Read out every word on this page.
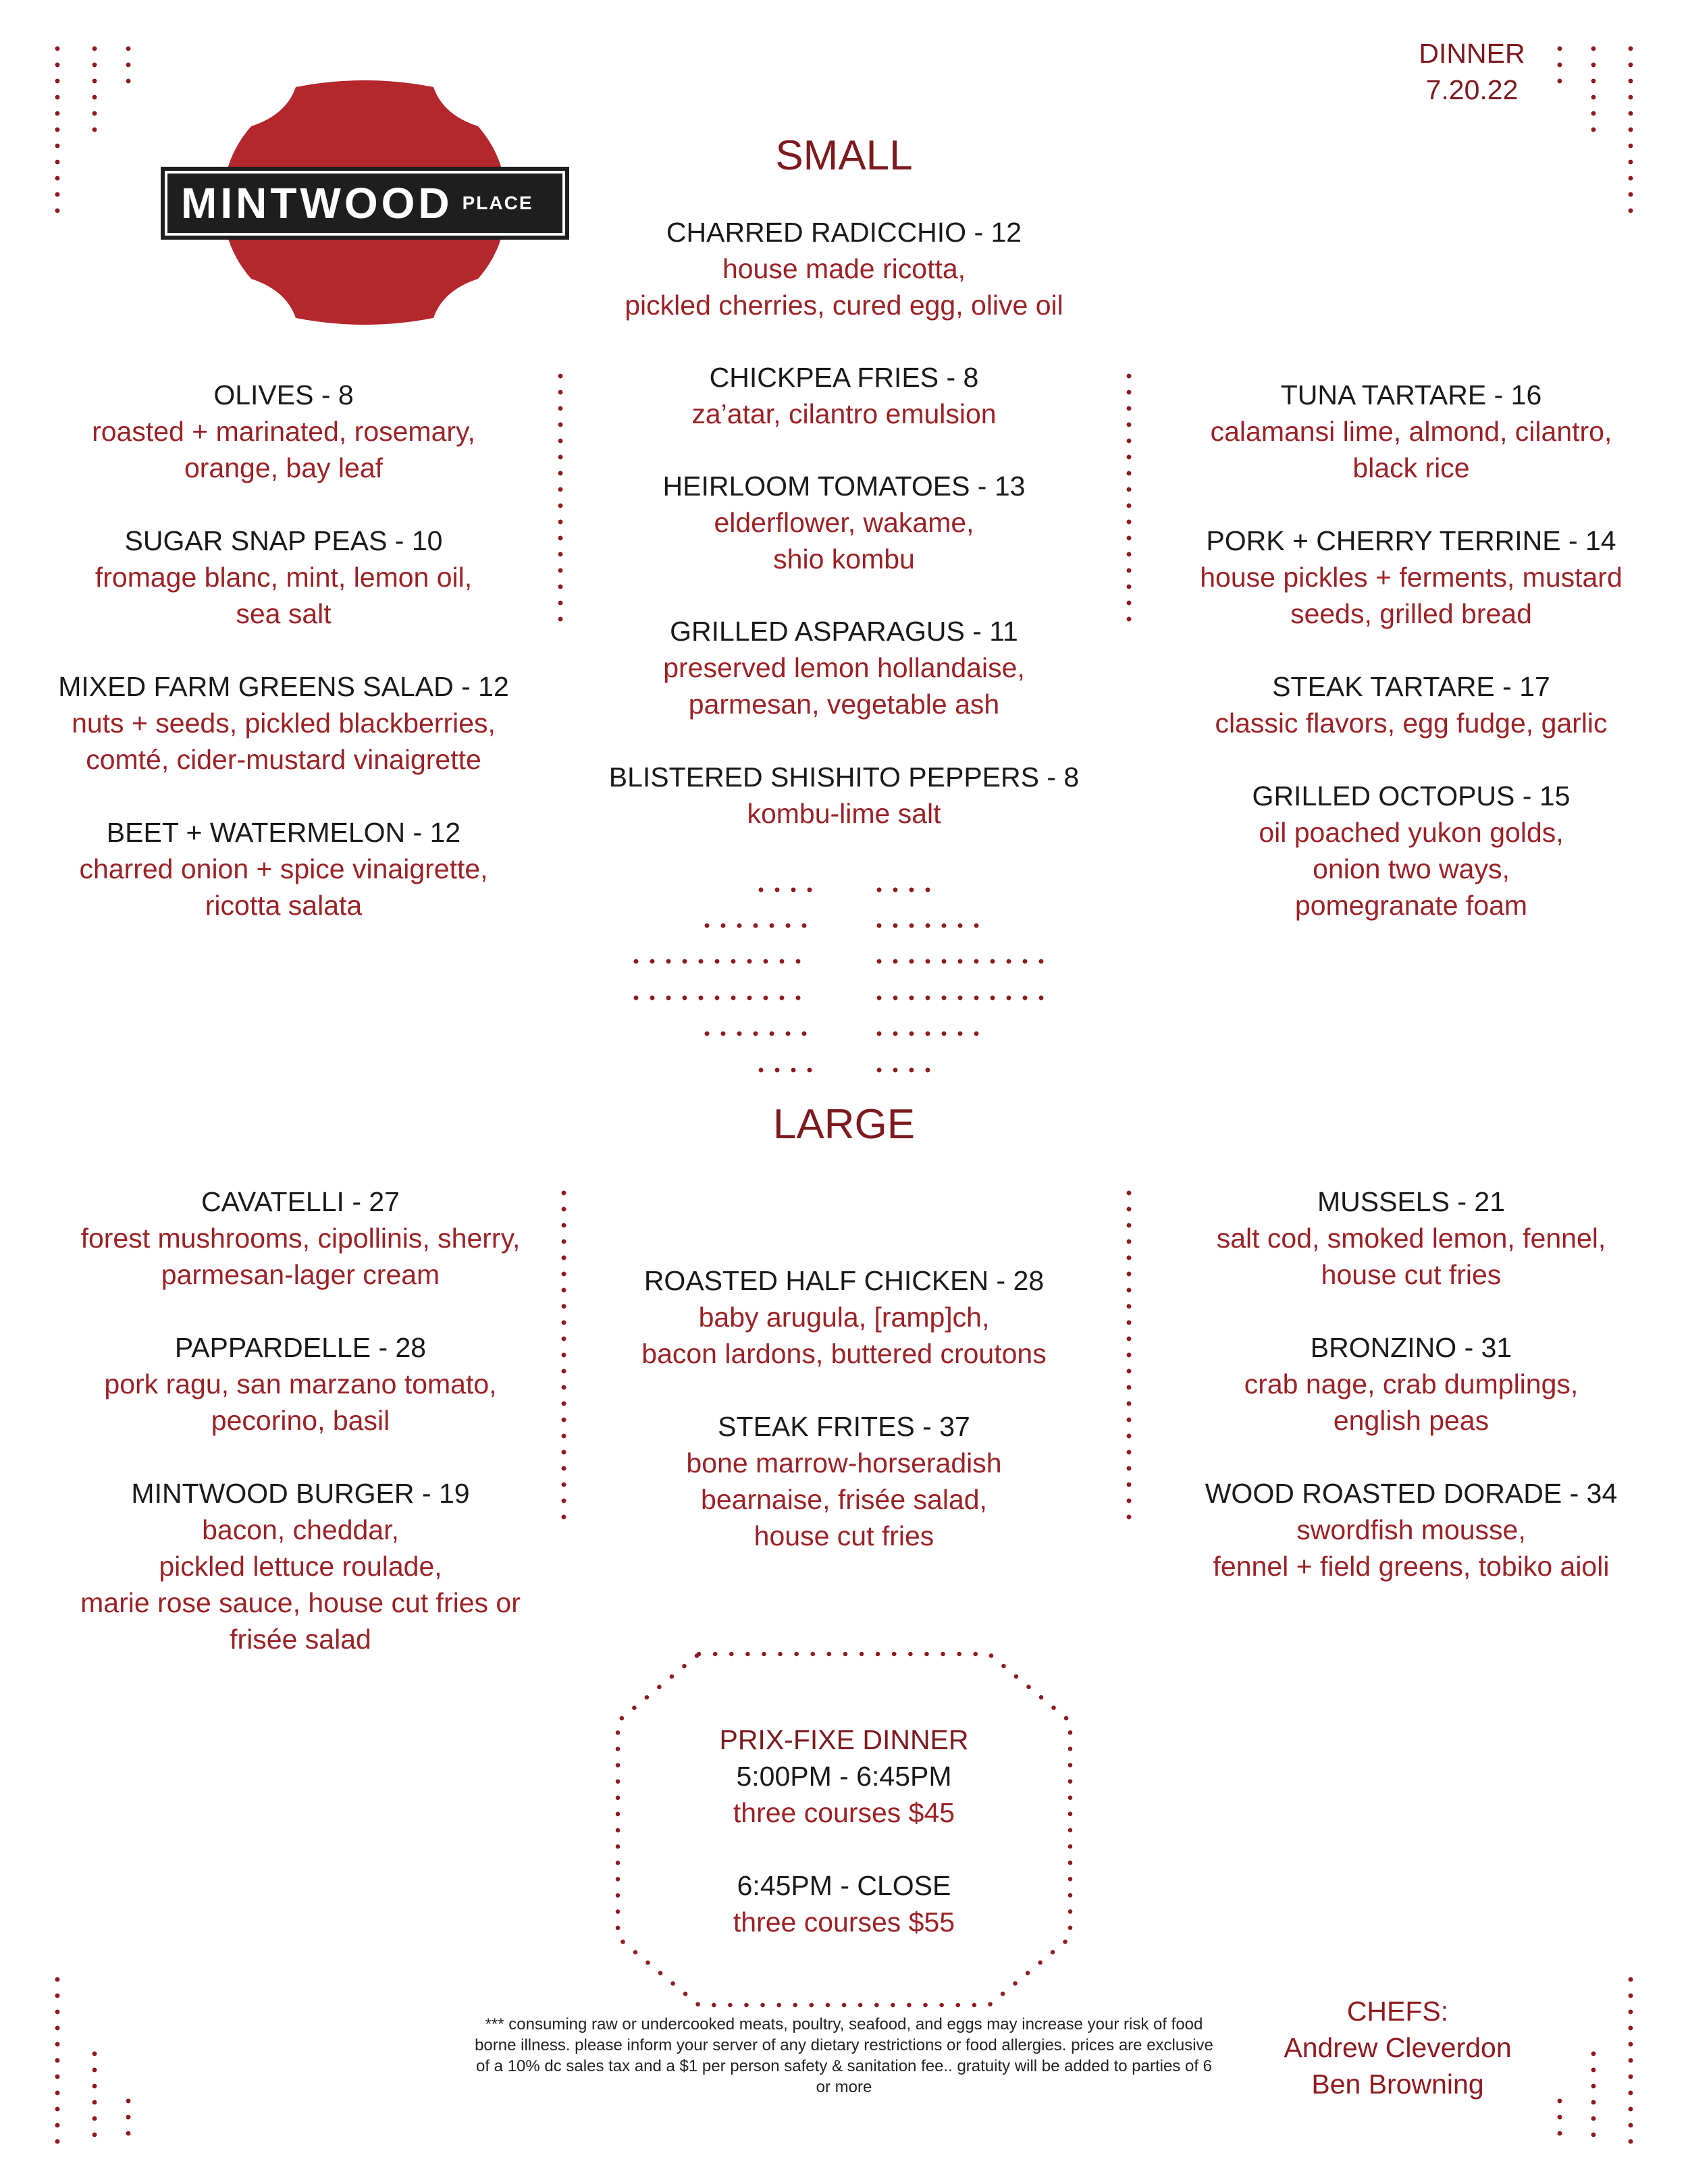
MINTWOOD PLACE
DINNER
7.20.22
SMALL
CHARRED RADICCHIO - 12
house made ricotta,
pickled cherries, cured egg, olive oil
CHICKPEA FRIES - 8
za’atar, cilantro emulsion
HEIRLOOM TOMATOES - 13
elderflower, wakame,
shio kombu
GRILLED ASPARAGUS - 11
preserved lemon hollandaise,
parmesan, vegetable ash
BLISTERED SHISHITO PEPPERS - 8
kombu-lime salt
OLIVES - 8
roasted + marinated, rosemary,
orange, bay leaf
SUGAR SNAP PEAS - 10
fromage blanc, mint, lemon oil,
sea salt
MIXED FARM GREENS SALAD - 12
nuts + seeds, pickled blackberries,
comté, cider-mustard vinaigrette
BEET + WATERMELON - 12
charred onion + spice vinaigrette,
ricotta salata
TUNA TARTARE - 16
calamansi lime, almond, cilantro,
black rice
PORK + CHERRY TERRINE - 14
house pickles + ferments, mustard
seeds, grilled bread
STEAK TARTARE - 17
classic flavors, egg fudge, garlic
GRILLED OCTOPUS - 15
oil poached yukon golds,
onion two ways,
pomegranate foam
LARGE
CAVATELLI - 27
forest mushrooms, cipollinis, sherry,
parmesan-lager cream
PAPPARDELLE - 28
pork ragu, san marzano tomato,
pecorino, basil
MINTWOOD BURGER - 19
bacon, cheddar,
pickled lettuce roulade,
marie rose sauce, house cut fries or
frisée salad
ROASTED HALF CHICKEN - 28
baby arugula, [ramp]ch,
bacon lardons, buttered croutons
STEAK FRITES - 37
bone marrow-horseradish
bearnaise, frisée salad,
house cut fries
MUSSELS - 21
salt cod, smoked lemon, fennel,
house cut fries
BRONZINO - 31
crab nage, crab dumplings,
english peas
WOOD ROASTED DORADE - 34
swordfish mousse,
fennel + field greens, tobiko aioli
PRIX-FIXE DINNER
5:00PM - 6:45PM
three courses $45
6:45PM - CLOSE
three courses $55
*** consuming raw or undercooked meats, poultry, seafood, and eggs may increase your risk of food borne illness. please inform your server of any dietary restrictions or food allergies. prices are exclusive of a 10% dc sales tax and a $1 per person safety & sanitation fee.. gratuity will be added to parties of 6 or more
CHEFS:
Andrew Cleverdon
Ben Browning
